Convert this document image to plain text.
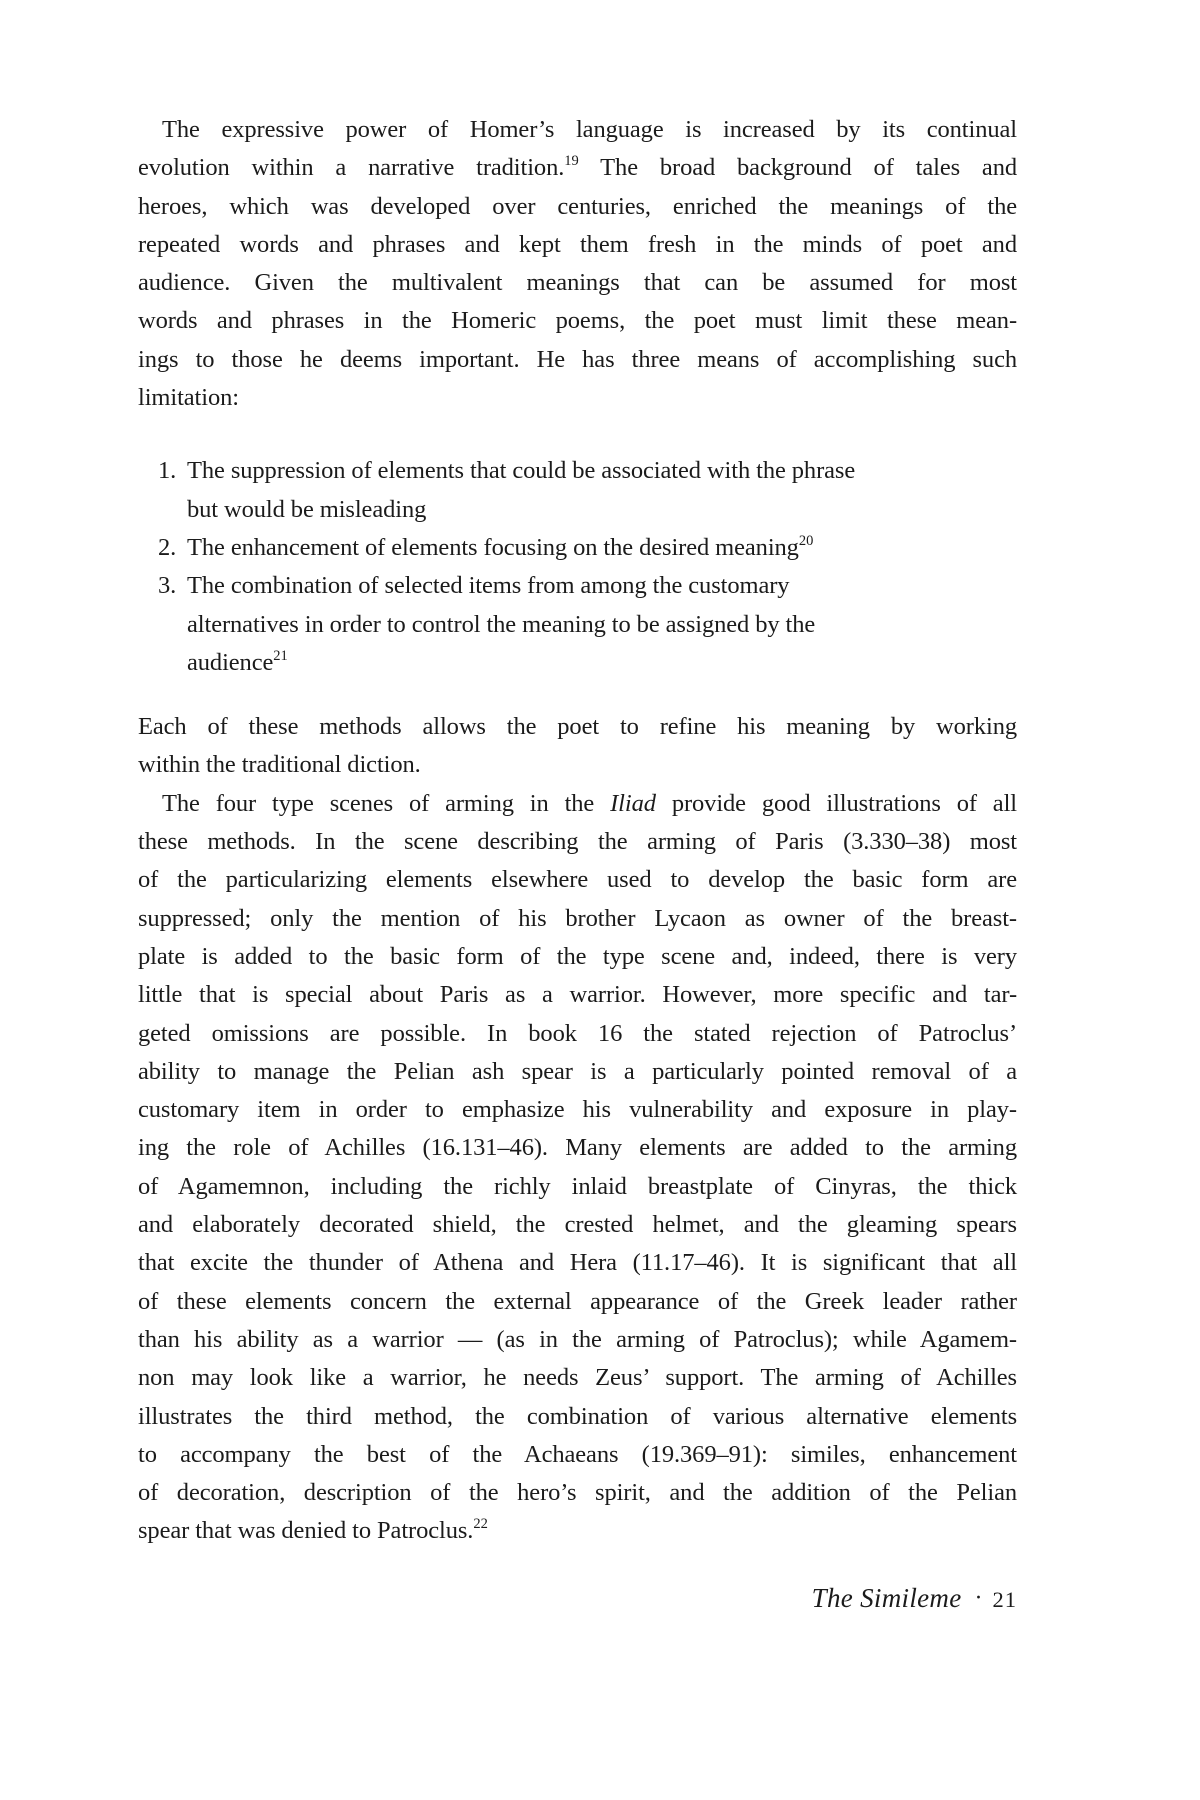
The expressive power of Homer’s language is increased by its continual
evolution within a narrative tradition.$^{19}$ The broad background of tales and
heroes, which was developed over centuries, enriched the meanings of the
repeated words and phrases and kept them fresh in the minds of poet and
audience. Given the multivalent meanings that can be assumed for most
words and phrases in the Homeric poems, the poet must limit these mean-
ings to those he deems important. He has three means of accomplishing such
limitation:
1. The suppression of elements that could be associated with the phrase
but would be misleading
2. The enhancement of elements focusing on the desired meaning$^{20}$
3. The combination of selected items from among the customary
alternatives in order to control the meaning to be assigned by the
audience$^{21}$
Each of these methods allows the poet to refine his meaning by working
within the traditional diction.
The four type scenes of arming in the Iliad provide good illustrations of all
these methods. In the scene describing the arming of Paris (3.330–38) most
of the particularizing elements elsewhere used to develop the basic form are
suppressed; only the mention of his brother Lycaon as owner of the breast-
plate is added to the basic form of the type scene and, indeed, there is very
little that is special about Paris as a warrior. However, more specific and tar-
geted omissions are possible. In book 16 the stated rejection of Patroclus’
ability to manage the Pelian ash spear is a particularly pointed removal of a
customary item in order to emphasize his vulnerability and exposure in play-
ing the role of Achilles (16.131–46). Many elements are added to the arming
of Agamemnon, including the richly inlaid breastplate of Cinyras, the thick
and elaborately decorated shield, the crested helmet, and the gleaming spears
that excite the thunder of Athena and Hera (11.17–46). It is significant that all
of these elements concern the external appearance of the Greek leader rather
than his ability as a warrior — (as in the arming of Patroclus); while Agamem-
non may look like a warrior, he needs Zeus’ support. The arming of Achilles
illustrates the third method, the combination of various alternative elements
to accompany the best of the Achaeans (19.369–91): similes, enhancement
of decoration, description of the hero’s spirit, and the addition of the Pelian
spear that was denied to Patroclus.$^{22}$
The Simileme · 21
